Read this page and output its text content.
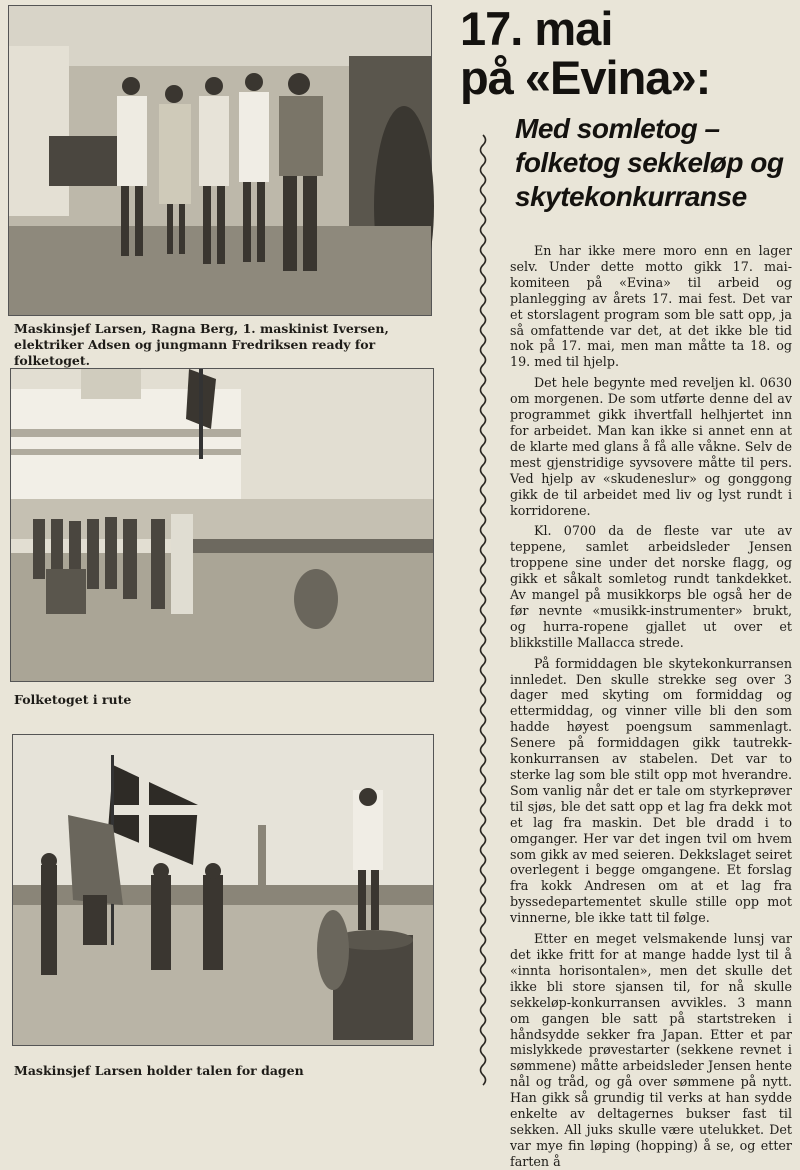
Maskinsjef Larsen, Ragna Berg, 1. maskinist Iversen, elektriker Adsen og jungmann Fredriksen ready for folketoget.

Folketoget i rute

Maskinsjef Larsen holder talen for dagen

17. mai
på «Evina»:
Med somletog – folketog sekkeløp og skytekonkurranse

En har ikke mere moro enn en lager selv. Under dette motto gikk 17. mai-komiteen på «Evina» til arbeid og planlegging av årets 17. mai fest. Det var et storslagent program som ble satt opp, ja så omfattende var det, at det ikke ble tid nok på 17. mai, men man måtte ta 18. og 19. med til hjelp.

Det hele begynte med reveljen kl. 0630 om morgenen. De som utførte denne del av programmet gikk ihvertfall helhjertet inn for arbeidet. Man kan ikke si annet enn at de klarte med glans å få alle våkne. Selv de mest gjenstridige syvsovere måtte til pers. Ved hjelp av «skudeneslur» og gonggong gikk de til arbeidet med liv og lyst rundt i korridorene.

Kl. 0700 da de fleste var ute av teppene, samlet arbeidsleder Jensen troppene sine under det norske flagg, og gikk et såkalt somletog rundt tankdekket. Av mangel på musikkorps ble også her de før nevnte «musikk-instrumenter» brukt, og hurra-ropene gjallet ut over et blikkstille Mallacca strede.

På formiddagen ble skytekonkurransen innledet. Den skulle strekke seg over 3 dager med skyting om formiddag og ettermiddag, og vinner ville bli den som hadde høyest poengsum sammenlagt. Senere på formiddagen gikk tautrekk-konkurransen av stabelen. Det var to sterke lag som ble stilt opp mot hverandre. Som vanlig når det er tale om styrkeprøver til sjøs, ble det satt opp et lag fra dekk mot et lag fra maskin. Det ble dradd i to omganger. Her var det ingen tvil om hvem som gikk av med seieren. Dekkslaget seiret overlegent i begge omgangene. Et forslag fra kokk Andresen om at et lag fra byssedepartementet skulle stille opp mot vinnerne, ble ikke tatt til følge.

Etter en meget velsmakende lunsj var det ikke fritt for at mange hadde lyst til å «innta horisontalen», men det skulle det ikke bli store sjansen til, for nå skulle sekkeløp-konkurransen avvikles. 3 mann om gangen ble satt på startstreken i håndsydde sekker fra Japan. Etter et par mislykkede prøvestarter (sekkene revnet i sømmene) måtte arbeidsleder Jensen hente nål og tråd, og gå over sømmene på nytt. Han gikk så grundig til verks at han sydde enkelte av deltagernes bukser fast til sekken. All juks skulle være utelukket. Det var mye fin løping (hopping) å se, og etter farten å
